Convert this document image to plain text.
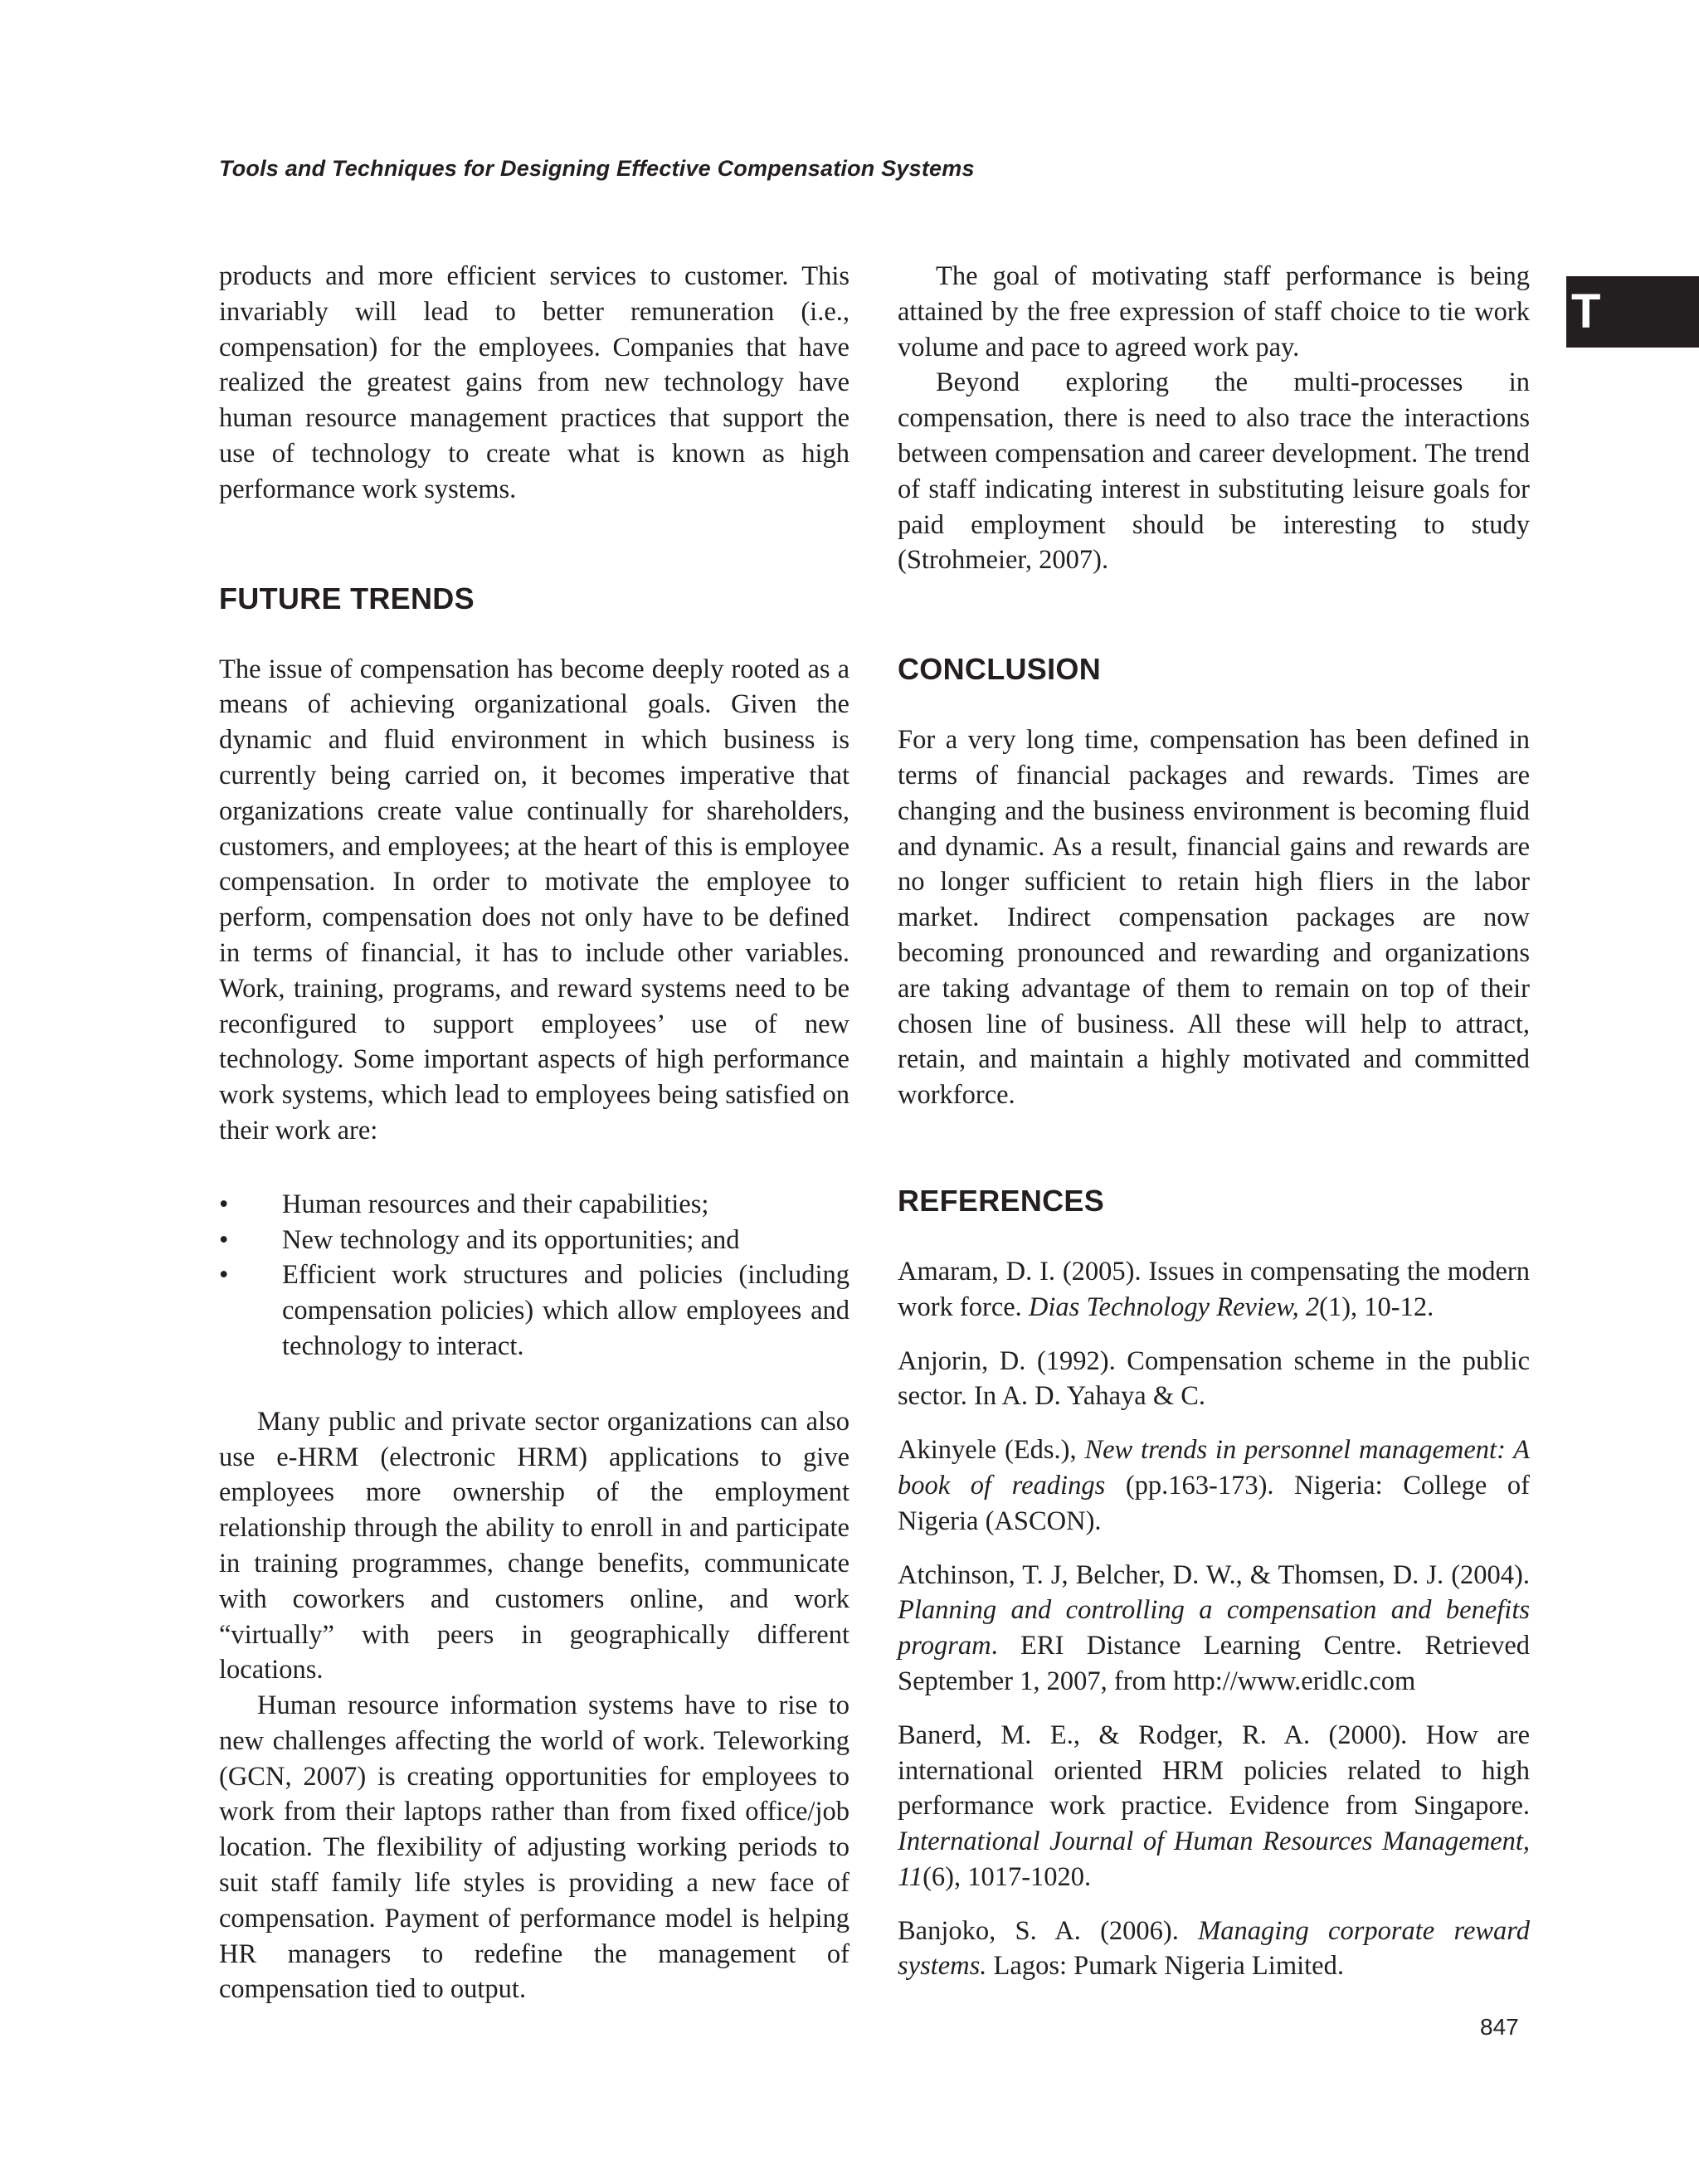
Tools and Techniques for Designing Effective Compensation Systems
T

products and more efficient services to customer. This invariably will lead to better remuneration (i.e., compensation) for the employees. Companies that have realized the greatest gains from new technology have human resource management practices that support the use of technology to create what is known as high performance work systems.

FUTURE TRENDS

The issue of compensation has become deeply rooted as a means of achieving organizational goals. Given the dynamic and fluid environment in which business is currently being carried on, it becomes imperative that organizations create value continually for shareholders, customers, and employees; at the heart of this is employee compensation. In order to motivate the employee to perform, compensation does not only have to be defined in terms of financial, it has to include other variables. Work, training, programs, and reward systems need to be reconfigured to support employees’ use of new technology. Some important aspects of high performance work systems, which lead to employees being satisfied on their work are:

• Human resources and their capabilities;
• New technology and its opportunities; and
• Efficient work structures and policies (including compensation policies) which allow employees and technology to interact.

Many public and private sector organizations can also use e-HRM (electronic HRM) applications to give employees more ownership of the employment relationship through the ability to enroll in and participate in training programmes, change benefits, communicate with coworkers and customers online, and work “virtually” with peers in geographically different locations.

Human resource information systems have to rise to new challenges affecting the world of work. Teleworking (GCN, 2007) is creating opportunities for employees to work from their laptops rather than from fixed office/job location. The flexibility of adjusting working periods to suit staff family life styles is providing a new face of compensation. Payment of performance model is helping HR managers to redefine the management of compensation tied to output.

The goal of motivating staff performance is being attained by the free expression of staff choice to tie work volume and pace to agreed work pay.

Beyond exploring the multi-processes in compensation, there is need to also trace the interactions between compensation and career development. The trend of staff indicating interest in substituting leisure goals for paid employment should be interesting to study (Strohmeier, 2007).

CONCLUSION

For a very long time, compensation has been defined in terms of financial packages and rewards. Times are changing and the business environment is becoming fluid and dynamic. As a result, financial gains and rewards are no longer sufficient to retain high fliers in the labor market. Indirect compensation packages are now becoming pronounced and rewarding and organizations are taking advantage of them to remain on top of their chosen line of business. All these will help to attract, retain, and maintain a highly motivated and committed workforce.

REFERENCES

Amaram, D. I. (2005). Issues in compensating the modern work force. Dias Technology Review, 2(1), 10-12.

Anjorin, D. (1992). Compensation scheme in the public sector. In A. D. Yahaya & C.

Akinyele (Eds.), New trends in personnel management: A book of readings (pp.163-173). Nigeria: College of Nigeria (ASCON).

Atchinson, T. J, Belcher, D. W., & Thomsen, D. J. (2004). Planning and controlling a compensation and benefits program. ERI Distance Learning Centre. Retrieved September 1, 2007, from http://www.eridlc.com

Banerd, M. E., & Rodger, R. A. (2000). How are international oriented HRM policies related to high performance work practice. Evidence from Singapore. International Journal of Human Resources Management, 11(6), 1017-1020.

Banjoko, S. A. (2006). Managing corporate reward systems. Lagos: Pumark Nigeria Limited.

847
